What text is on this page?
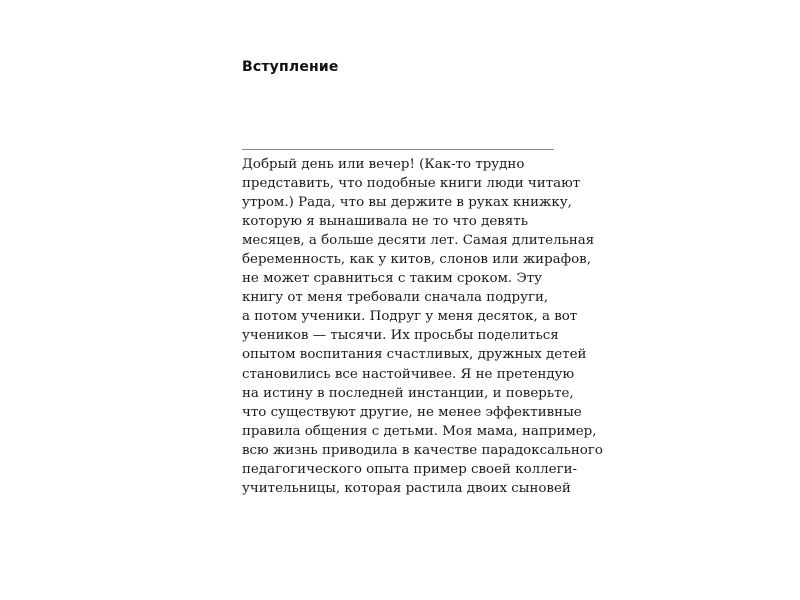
Вступление
Добрый день или вечер! (Как-то трудно
представить, что подобные книги люди читают
утром.) Рада, что вы держите в руках книжку,
которую я вынашивала не то что девять
месяцев, а больше десяти лет. Самая длительная
беременность, как у китов, слонов или жирафов,
не может сравниться с таким сроком. Эту
книгу от меня требовали сначала подруги,
а потом ученики. Подруг у меня десяток, а вот
учеников — тысячи. Их просьбы поделиться
опытом воспитания счастливых, дружных детей
становились все настойчивее. Я не претендую
на истину в последней инстанции, и поверьте,
что существуют другие, не менее эффективные
правила общения с детьми. Моя мама, например,
всю жизнь приводила в качестве парадоксального
педагогического опыта пример своей коллеги-
учительницы, которая растила двоих сыновей
